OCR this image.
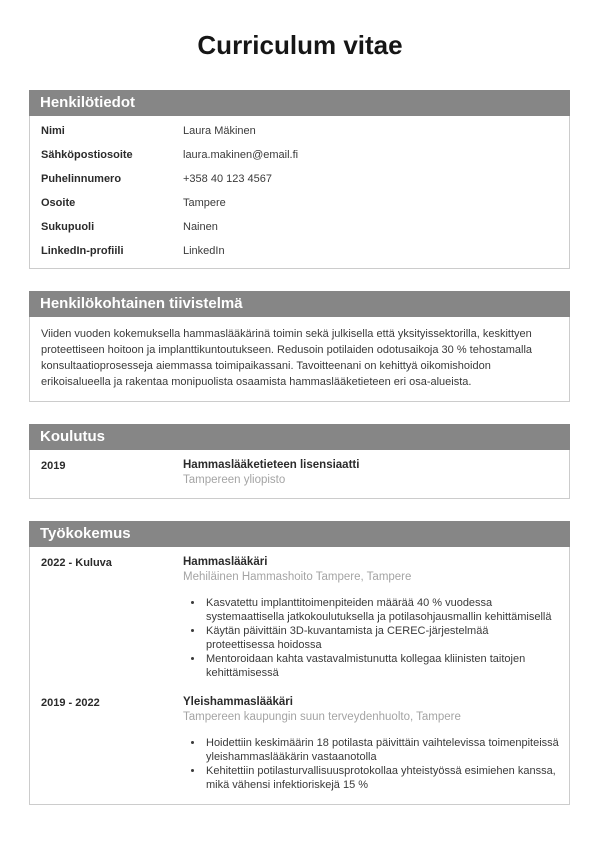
Curriculum vitae
Henkilötiedot
Nimi	Laura Mäkinen
Sähköpostiosoite	laura.makinen@email.fi
Puhelinnumero	+358 40 123 4567
Osoite	Tampere
Sukupuoli	Nainen
LinkedIn-profiili	LinkedIn
Henkilökohtainen tiivistelmä
Viiden vuoden kokemuksella hammaslääkärinä toimin sekä julkisella että yksityissektorilla, keskittyen proteettiseen hoitoon ja implanttikuntoutukseen. Redusoin potilaiden odotusaikoja 30 % tehostamalla konsultaatioprosesseja aiemmassa toimipaikassani. Tavoitteenani on kehittyä oikomishoidon erikoisalueella ja rakentaa monipuolista osaamista hammaslääketieteen eri osa-alueista.
Koulutus
2019	Hammaslääketieteen lisensiaatti
Tampereen yliopisto
Työkokemus
2022 - Kuluva	Hammaslääkäri
Mehiläinen Hammashoito Tampere, Tampere
• Kasvatettu implanttitoimenpiteiden määrää 40 % vuodessa systemaattisella jatkokoulutuksella ja potilasohjausmallin kehittämisellä
• Käytän päivittäin 3D-kuvantamista ja CEREC-järjestelmää proteettisessa hoidossa
• Mentoroidaan kahta vastavalmistunutta kollegaa kliinisten taitojen kehittämisessä
2019 - 2022	Yleishammaslääkäri
Tampereen kaupungin suun terveydenhuolto, Tampere
• Hoidettiin keskimäärin 18 potilasta päivittäin vaihtelevissa toimenpiteissä yleishammaslääkärin vastaanotolla
• Kehitettiin potilasturvallisuusprotokollaa yhteistyössä esimiehen kanssa, mikä vähensi infektioriskejä 15 %
